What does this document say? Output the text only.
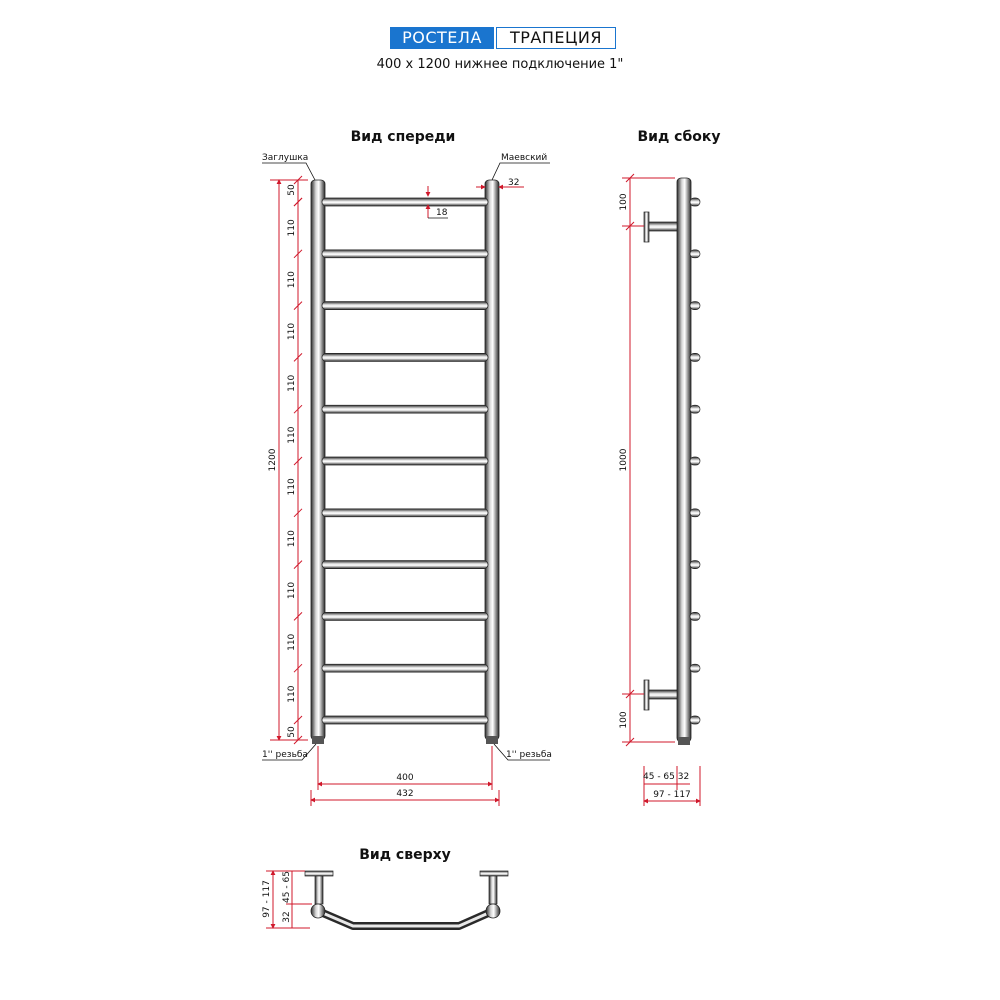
РОСТЕЛА	ТРАПЕЦИЯ
400 х 1200 нижнее подключение 1"
Вид спереди
Заглушка	Маевский
1'' резьба	1'' резьба
32
18
1200
50
50
110
110
110
110
110
110
110
110
110
110
400
432
Вид сбоку
100
1000
100
45 - 65 32
97 - 117
Вид сверху
97 - 117 32
45 - 65
